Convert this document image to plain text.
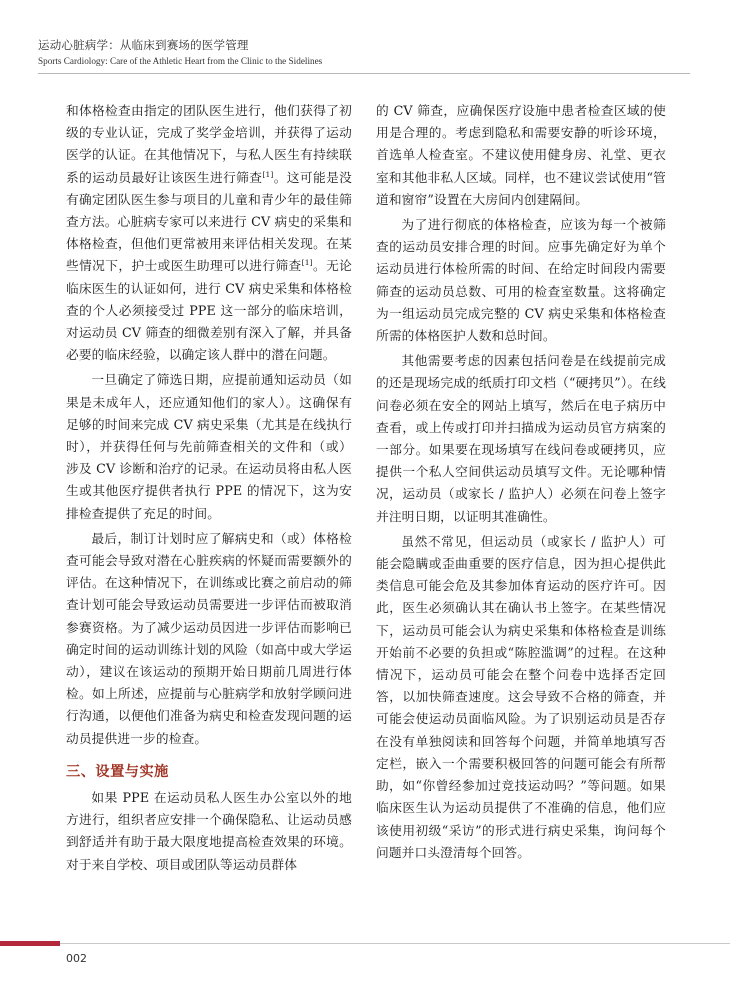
运动心脏病学：从临床到赛场的医学管理
Sports Cardiology: Care of the Athletic Heart from the Clinic to the Sidelines

和体格检查由指定的团队医生进行，他们获得了初级的专业认证，完成了奖学金培训，并获得了运动医学的认证。在其他情况下，与私人医生有持续联系的运动员最好让该医生进行筛查[1]。这可能是没有确定团队医生参与项目的儿童和青少年的最佳筛查方法。心脏病专家可以来进行 CV 病史的采集和体格检查，但他们更常被用来评估相关发现。在某些情况下，护士或医生助理可以进行筛查[1]。无论临床医生的认证如何，进行 CV 病史采集和体格检查的个人必须接受过 PPE 这一部分的临床培训，对运动员 CV 筛查的细微差别有深入了解，并具备必要的临床经验，以确定该人群中的潜在问题。

一旦确定了筛选日期，应提前通知运动员（如果是未成年人，还应通知他们的家人）。这确保有足够的时间来完成 CV 病史采集（尤其是在线执行时），并获得任何与先前筛查相关的文件和（或）涉及 CV 诊断和治疗的记录。在运动员将由私人医生或其他医疗提供者执行 PPE 的情况下，这为安排检查提供了充足的时间。

最后，制订计划时应了解病史和（或）体格检查可能会导致对潜在心脏疾病的怀疑而需要额外的评估。在这种情况下，在训练或比赛之前启动的筛查计划可能会导致运动员需要进一步评估而被取消参赛资格。为了减少运动员因进一步评估而影响已确定时间的运动训练计划的风险（如高中或大学运动），建议在该运动的预期开始日期前几周进行体检。如上所述，应提前与心脏病学和放射学顾问进行沟通，以便他们准备为病史和检查发现问题的运动员提供进一步的检查。

三、设置与实施

如果 PPE 在运动员私人医生办公室以外的地方进行，组织者应安排一个确保隐私、让运动员感到舒适并有助于最大限度地提高检查效果的环境。对于来自学校、项目或团队等运动员群体

的 CV 筛查，应确保医疗设施中患者检查区域的使用是合理的。考虑到隐私和需要安静的听诊环境，首选单人检查室。不建议使用健身房、礼堂、更衣室和其他非私人区域。同样，也不建议尝试使用“管道和窗帘”设置在大房间内创建隔间。

为了进行彻底的体格检查，应该为每一个被筛查的运动员安排合理的时间。应事先确定好为单个运动员进行体检所需的时间、在给定时间段内需要筛查的运动员总数、可用的检查室数量。这将确定为一组运动员完成完整的 CV 病史采集和体格检查所需的体格医护人数和总时间。

其他需要考虑的因素包括问卷是在线提前完成的还是现场完成的纸质打印文档（“硬拷贝”）。在线问卷必须在安全的网站上填写，然后在电子病历中查看，或上传或打印并扫描成为运动员官方病案的一部分。如果要在现场填写在线问卷或硬拷贝，应提供一个私人空间供运动员填写文件。无论哪种情况，运动员（或家长 / 监护人）必须在问卷上签字并注明日期，以证明其准确性。

虽然不常见，但运动员（或家长 / 监护人）可能会隐瞒或歪曲重要的医疗信息，因为担心提供此类信息可能会危及其参加体育运动的医疗许可。因此，医生必须确认其在确认书上签字。在某些情况下，运动员可能会认为病史采集和体格检查是训练开始前不必要的负担或“陈腔滥调”的过程。在这种情况下，运动员可能会在整个问卷中选择否定回答，以加快筛查速度。这会导致不合格的筛查，并可能会使运动员面临风险。为了识别运动员是否存在没有单独阅读和回答每个问题，并简单地填写否定栏，嵌入一个需要积极回答的问题可能会有所帮助，如“你曾经参加过竞技运动吗？”等问题。如果临床医生认为运动员提供了不准确的信息，他们应该使用初级“采访”的形式进行病史采集，询问每个问题并口头澄清每个回答。

002
